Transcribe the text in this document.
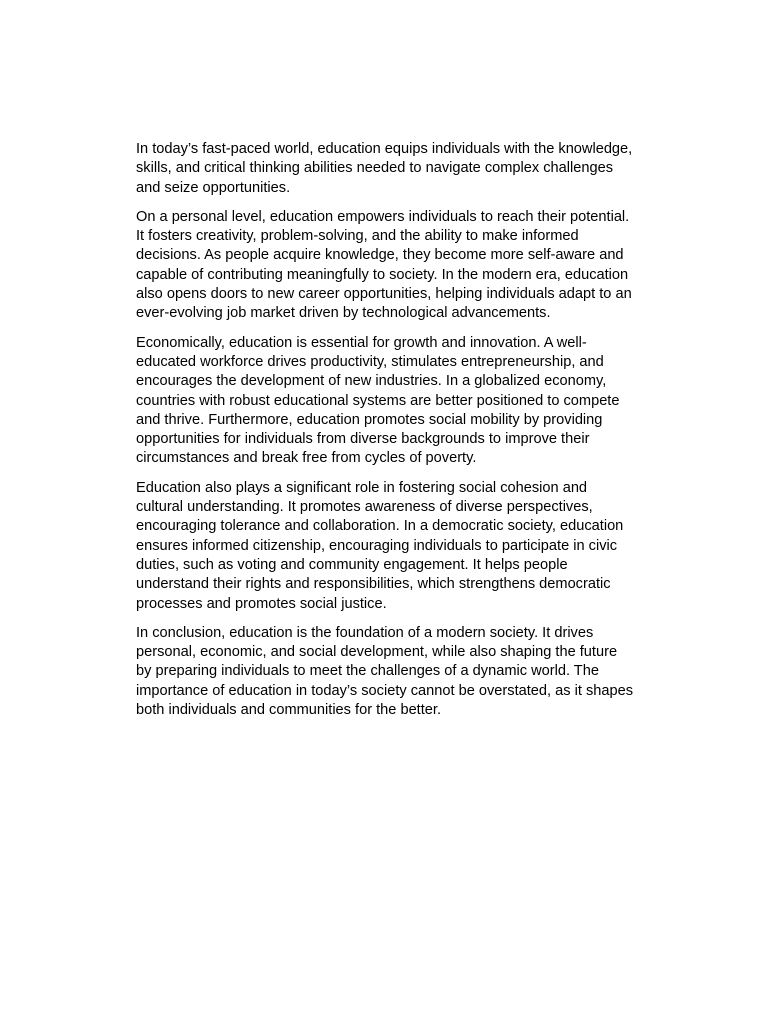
In today’s fast-paced world, education equips individuals with the knowledge, skills, and critical thinking abilities needed to navigate complex challenges and seize opportunities.

On a personal level, education empowers individuals to reach their potential. It fosters creativity, problem-solving, and the ability to make informed decisions. As people acquire knowledge, they become more self-aware and capable of contributing meaningfully to society. In the modern era, education also opens doors to new career opportunities, helping individuals adapt to an ever-evolving job market driven by technological advancements.

Economically, education is essential for growth and innovation. A well-educated workforce drives productivity, stimulates entrepreneurship, and encourages the development of new industries. In a globalized economy, countries with robust educational systems are better positioned to compete and thrive. Furthermore, education promotes social mobility by providing opportunities for individuals from diverse backgrounds to improve their circumstances and break free from cycles of poverty.

Education also plays a significant role in fostering social cohesion and cultural understanding. It promotes awareness of diverse perspectives, encouraging tolerance and collaboration. In a democratic society, education ensures informed citizenship, encouraging individuals to participate in civic duties, such as voting and community engagement. It helps people understand their rights and responsibilities, which strengthens democratic processes and promotes social justice.

In conclusion, education is the foundation of a modern society. It drives personal, economic, and social development, while also shaping the future by preparing individuals to meet the challenges of a dynamic world. The importance of education in today’s society cannot be overstated, as it shapes both individuals and communities for the better.
